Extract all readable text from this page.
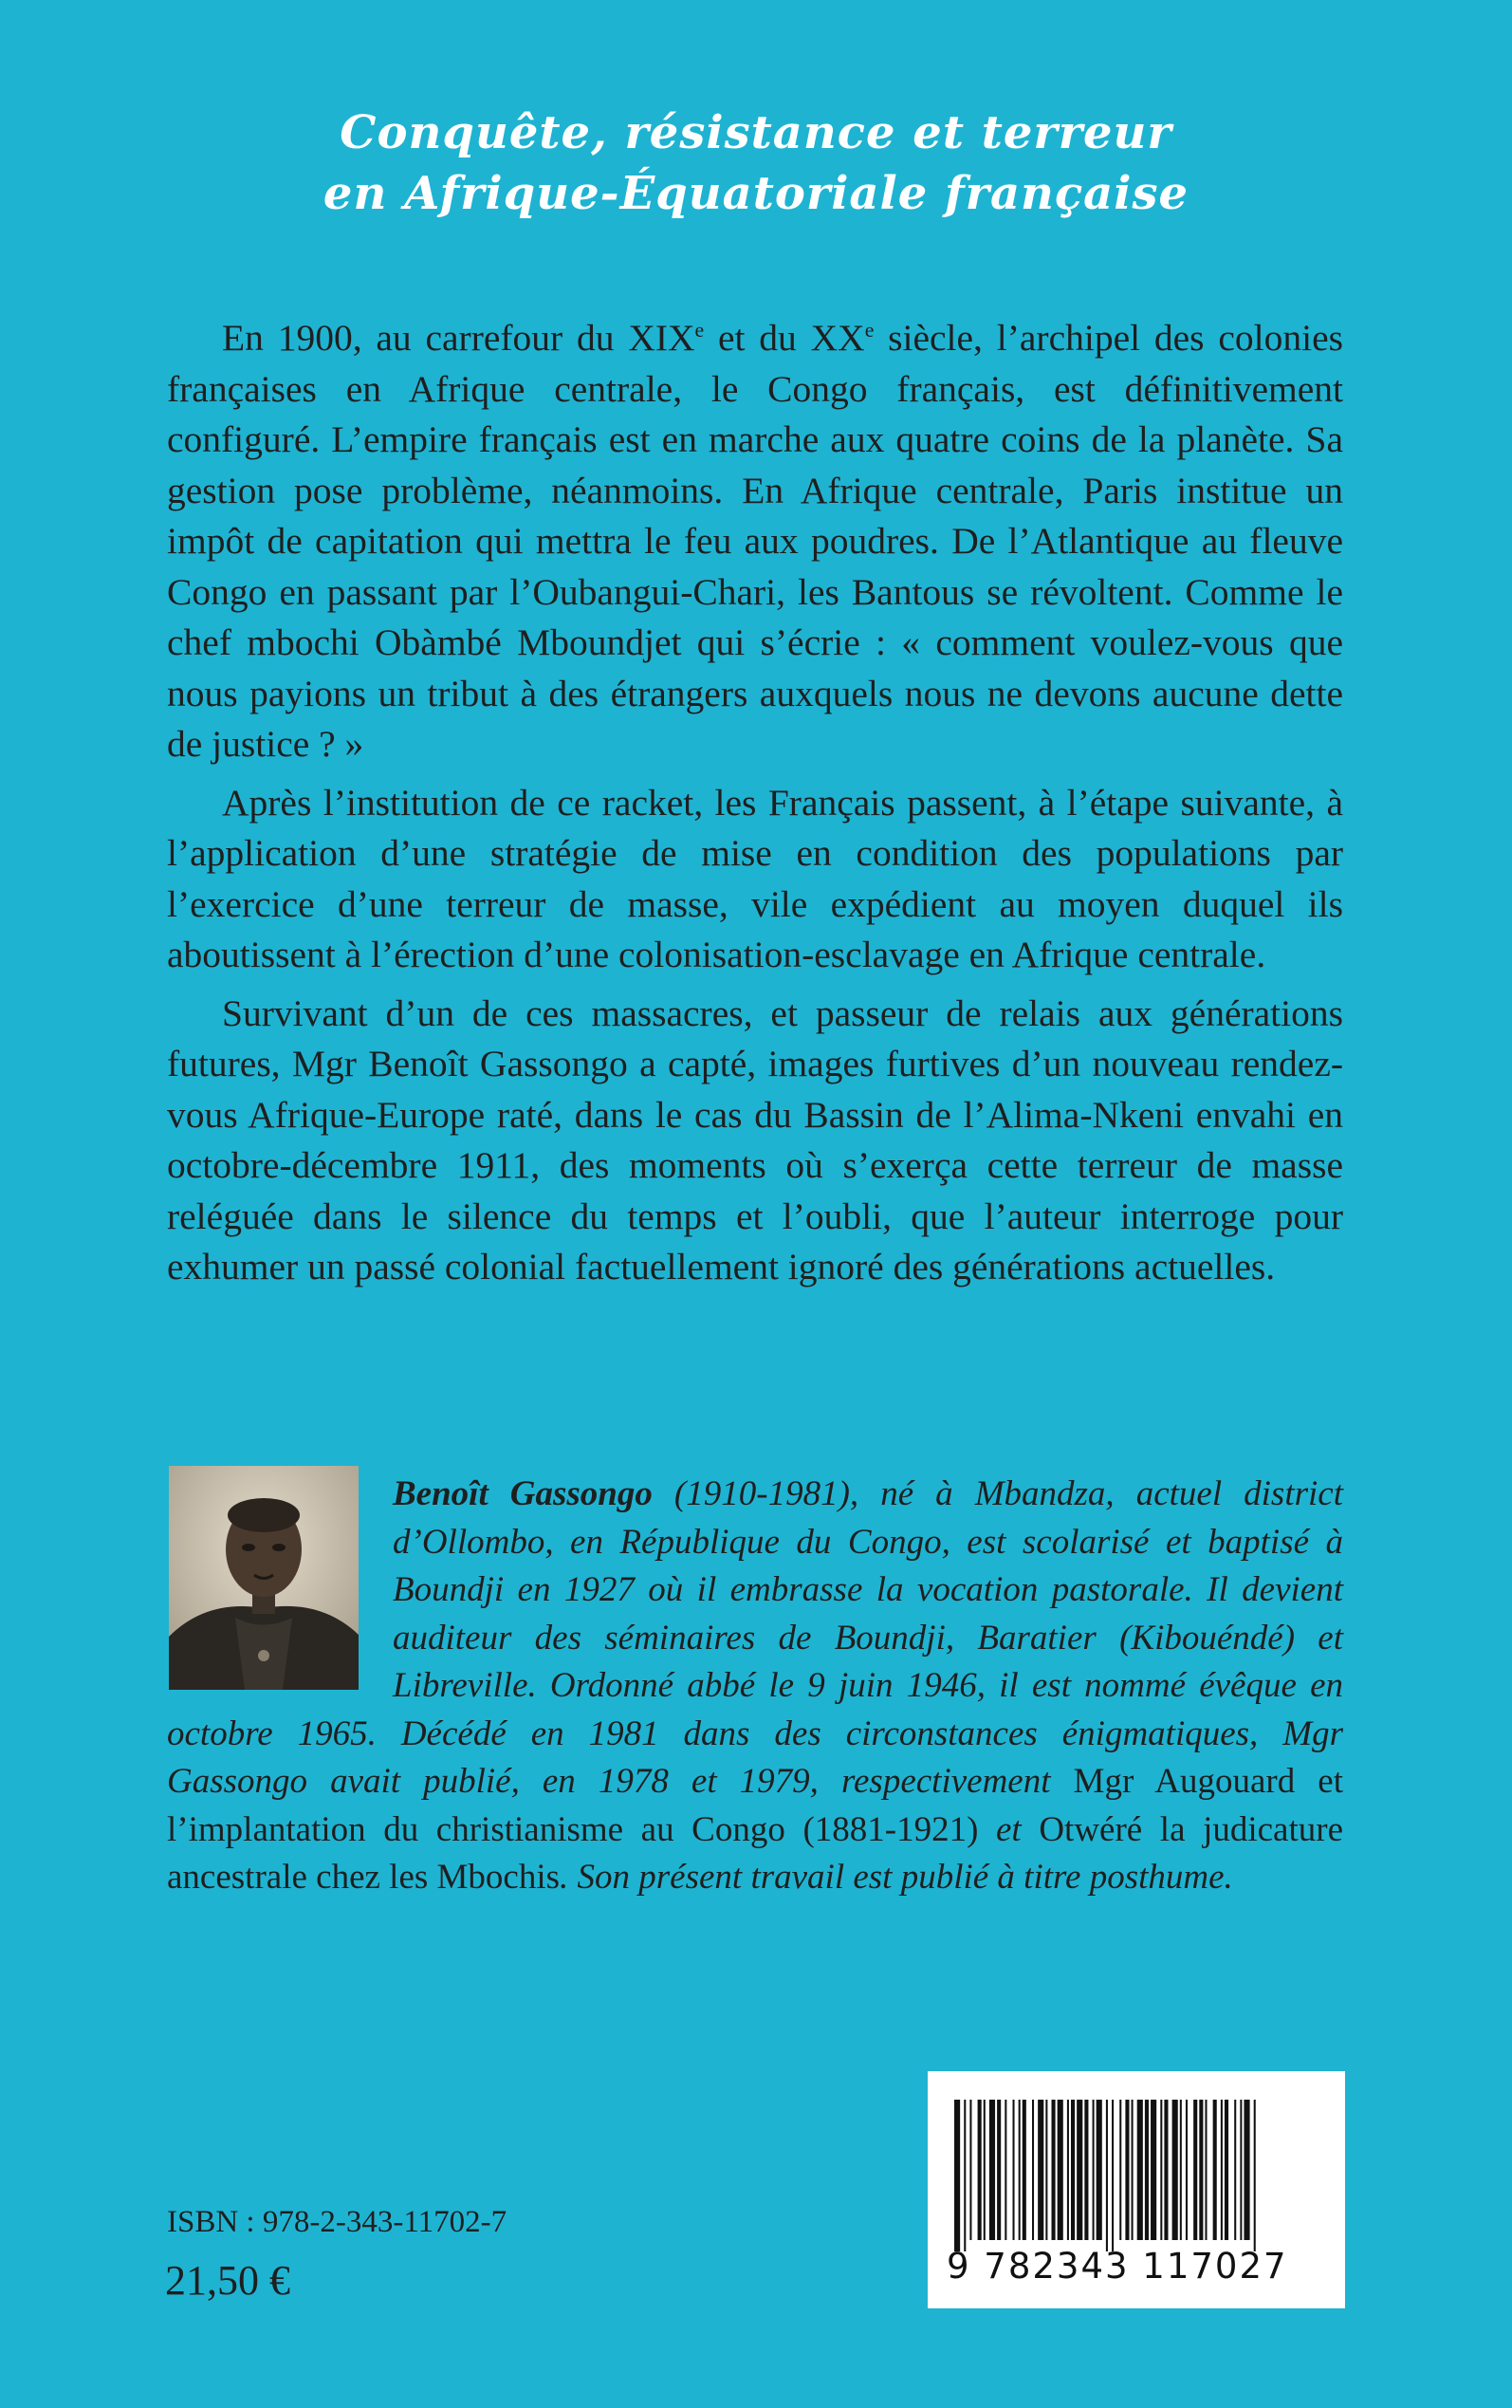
Conquête, résistance et terreur
en Afrique-Équatoriale française

En 1900, au carrefour du XIXe et du XXe siècle, l’archipel des colonies françaises en Afrique centrale, le Congo français, est définitivement configuré. L’empire français est en marche aux quatre coins de la planète. Sa gestion pose problème, néanmoins. En Afrique centrale, Paris institue un impôt de capitation qui mettra le feu aux poudres. De l’Atlantique au fleuve Congo en passant par l’Oubangui-Chari, les Bantous se révoltent. Comme le chef mbochi Obàmbé Mboundjet qui s’écrie : « comment voulez-vous que nous payions un tribut à des étrangers auxquels nous ne devons aucune dette de justice ? »

Après l’institution de ce racket, les Français passent, à l’étape suivante, à l’application d’une stratégie de mise en condition des populations par l’exercice d’une terreur de masse, vile expédient au moyen duquel ils aboutissent à l’érection d’une colonisation-esclavage en Afrique centrale.

Survivant d’un de ces massacres, et passeur de relais aux générations futures, Mgr Benoît Gassongo a capté, images furtives d’un nouveau rendez-vous Afrique-Europe raté, dans le cas du Bassin de l’Alima-Nkeni envahi en octobre-décembre 1911, des moments où s’exerça cette terreur de masse reléguée dans le silence du temps et l’oubli, que l’auteur interroge pour exhumer un passé colonial factuellement ignoré des générations actuelles.

Benoît Gassongo (1910-1981), né à Mbandza, actuel district d’Ollombo, en République du Congo, est scolarisé et baptisé à Boundji en 1927 où il embrasse la vocation pastorale. Il devient auditeur des séminaires de Boundji, Baratier (Kibouéndé) et Libreville. Ordonné abbé le 9 juin 1946, il est nommé évêque en octobre 1965. Décédé en 1981 dans des circonstances énigmatiques, Mgr Gassongo avait publié, en 1978 et 1979, respectivement Mgr Augouard et l’implantation du christianisme au Congo (1881-1921) et Otwéré la judicature ancestrale chez les Mbochis. Son présent travail est publié à titre posthume.
9 782343 117027
ISBN : 978-2-343-11702-7
21,50 €
